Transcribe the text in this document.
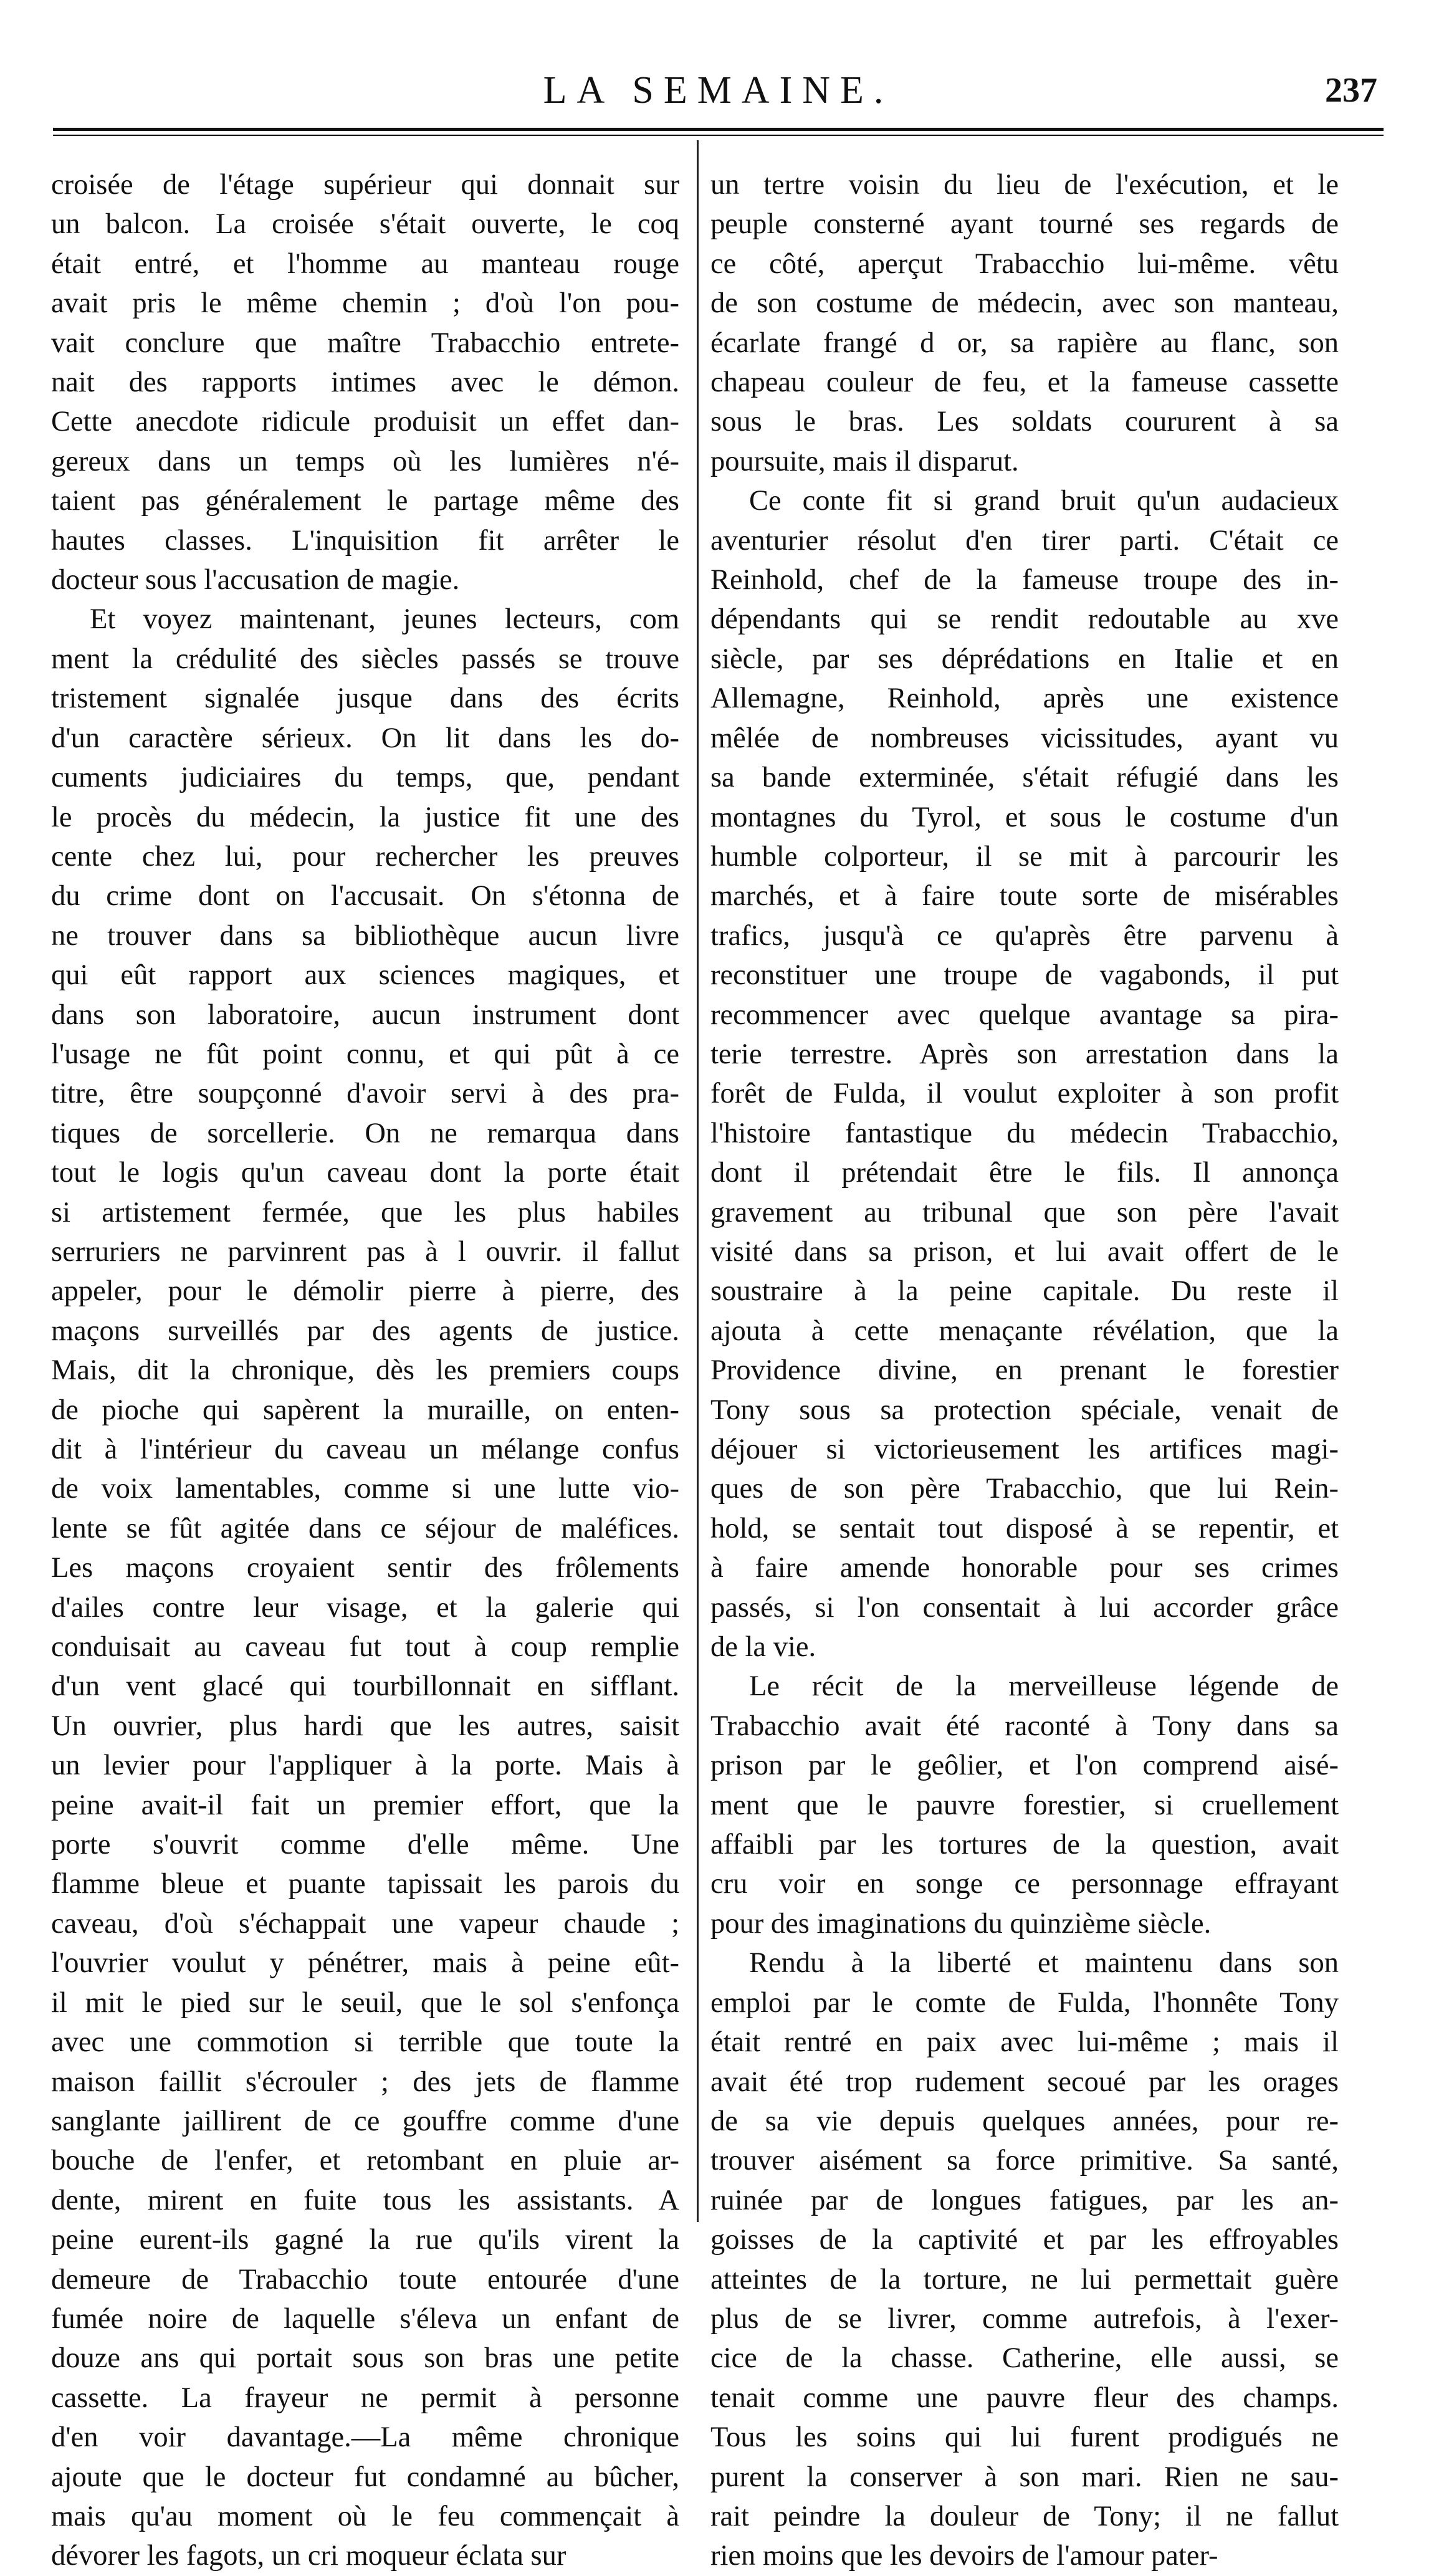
LA SEMAINE.	237

croisée de l'étage supérieur qui donnait sur
un balcon. La croisée s'était ouverte, le coq
était entré, et l'homme au manteau rouge
avait pris le même chemin ; d'où l'on pou-
vait conclure que maître Trabacchio entrete-
nait des rapports intimes avec le démon.
Cette anecdote ridicule produisit un effet dan-
gereux dans un temps où les lumières n'é-
taient pas généralement le partage même des
hautes classes. L'inquisition fit arrêter le
docteur sous l'accusation de magie.

Et voyez maintenant, jeunes lecteurs, com
ment la crédulité des siècles passés se trouve
tristement signalée jusque dans des écrits
d'un caractère sérieux. On lit dans les do-
cuments judiciaires du temps, que, pendant
le procès du médecin, la justice fit une des
cente chez lui, pour rechercher les preuves
du crime dont on l'accusait. On s'étonna de
ne trouver dans sa bibliothèque aucun livre
qui eût rapport aux sciences magiques, et
dans son laboratoire, aucun instrument dont
l'usage ne fût point connu, et qui pût à ce
titre, être soupçonné d'avoir servi à des pra-
tiques de sorcellerie. On ne remarqua dans
tout le logis qu'un caveau dont la porte était
si artistement fermée, que les plus habiles
serruriers ne parvinrent pas à l ouvrir. il fallut
appeler, pour le démolir pierre à pierre, des
maçons surveillés par des agents de justice.
Mais, dit la chronique, dès les premiers coups
de pioche qui sapèrent la muraille, on enten-
dit à l'intérieur du caveau un mélange confus
de voix lamentables, comme si une lutte vio-
lente se fût agitée dans ce séjour de maléfices.
Les maçons croyaient sentir des frôlements
d'ailes contre leur visage, et la galerie qui
conduisait au caveau fut tout à coup remplie
d'un vent glacé qui tourbillonnait en sifflant.
Un ouvrier, plus hardi que les autres, saisit
un levier pour l'appliquer à la porte. Mais à
peine avait-il fait un premier effort, que la
porte s'ouvrit comme d'elle même. Une
flamme bleue et puante tapissait les parois du
caveau, d'où s'échappait une vapeur chaude ;
l'ouvrier voulut y pénétrer, mais à peine eût-
il mit le pied sur le seuil, que le sol s'enfonça
avec une commotion si terrible que toute la
maison faillit s'écrouler ; des jets de flamme
sanglante jaillirent de ce gouffre comme d'une
bouche de l'enfer, et retombant en pluie ar-
dente, mirent en fuite tous les assistants. A
peine eurent-ils gagné la rue qu'ils virent la
demeure de Trabacchio toute entourée d'une
fumée noire de laquelle s'éleva un enfant de
douze ans qui portait sous son bras une petite
cassette. La frayeur ne permit à personne
d'en voir davantage.—La même chronique
ajoute que le docteur fut condamné au bûcher,
mais qu'au moment où le feu commençait à
dévorer les fagots, un cri moqueur éclata sur

un tertre voisin du lieu de l'exécution, et le
peuple consterné ayant tourné ses regards de
ce côté, aperçut Trabacchio lui-même. vêtu
de son costume de médecin, avec son manteau,
écarlate frangé d or, sa rapière au flanc, son
chapeau couleur de feu, et la fameuse cassette
sous le bras. Les soldats coururent à sa
poursuite, mais il disparut.

Ce conte fit si grand bruit qu'un audacieux
aventurier résolut d'en tirer parti. C'était ce
Reinhold, chef de la fameuse troupe des in-
dépendants qui se rendit redoutable au xve
siècle, par ses déprédations en Italie et en
Allemagne, Reinhold, après une existence
mêlée de nombreuses vicissitudes, ayant vu
sa bande exterminée, s'était réfugié dans les
montagnes du Tyrol, et sous le costume d'un
humble colporteur, il se mit à parcourir les
marchés, et à faire toute sorte de misérables
trafics, jusqu'à ce qu'après être parvenu à
reconstituer une troupe de vagabonds, il put
recommencer avec quelque avantage sa pira-
terie terrestre. Après son arrestation dans la
forêt de Fulda, il voulut exploiter à son profit
l'histoire fantastique du médecin Trabacchio,
dont il prétendait être le fils. Il annonça
gravement au tribunal que son père l'avait
visité dans sa prison, et lui avait offert de le
soustraire à la peine capitale. Du reste il
ajouta à cette menaçante révélation, que la
Providence divine, en prenant le forestier
Tony sous sa protection spéciale, venait de
déjouer si victorieusement les artifices magi-
ques de son père Trabacchio, que lui Rein-
hold, se sentait tout disposé à se repentir, et
à faire amende honorable pour ses crimes
passés, si l'on consentait à lui accorder grâce
de la vie.

Le récit de la merveilleuse légende de
Trabacchio avait été raconté à Tony dans sa
prison par le geôlier, et l'on comprend aisé-
ment que le pauvre forestier, si cruellement
affaibli par les tortures de la question, avait
cru voir en songe ce personnage effrayant
pour des imaginations du quinzième siècle.

Rendu à la liberté et maintenu dans son
emploi par le comte de Fulda, l'honnête Tony
était rentré en paix avec lui-même ; mais il
avait été trop rudement secoué par les orages
de sa vie depuis quelques années, pour re-
trouver aisément sa force primitive. Sa santé,
ruinée par de longues fatigues, par les an-
goisses de la captivité et par les effroyables
atteintes de la torture, ne lui permettait guère
plus de se livrer, comme autrefois, à l'exer-
cice de la chasse. Catherine, elle aussi, se
tenait comme une pauvre fleur des champs.
Tous les soins qui lui furent prodigués ne
purent la conserver à son mari. Rien ne sau-
rait peindre la douleur de Tony; il ne fallut
rien moins que les devoirs de l'amour pater-
